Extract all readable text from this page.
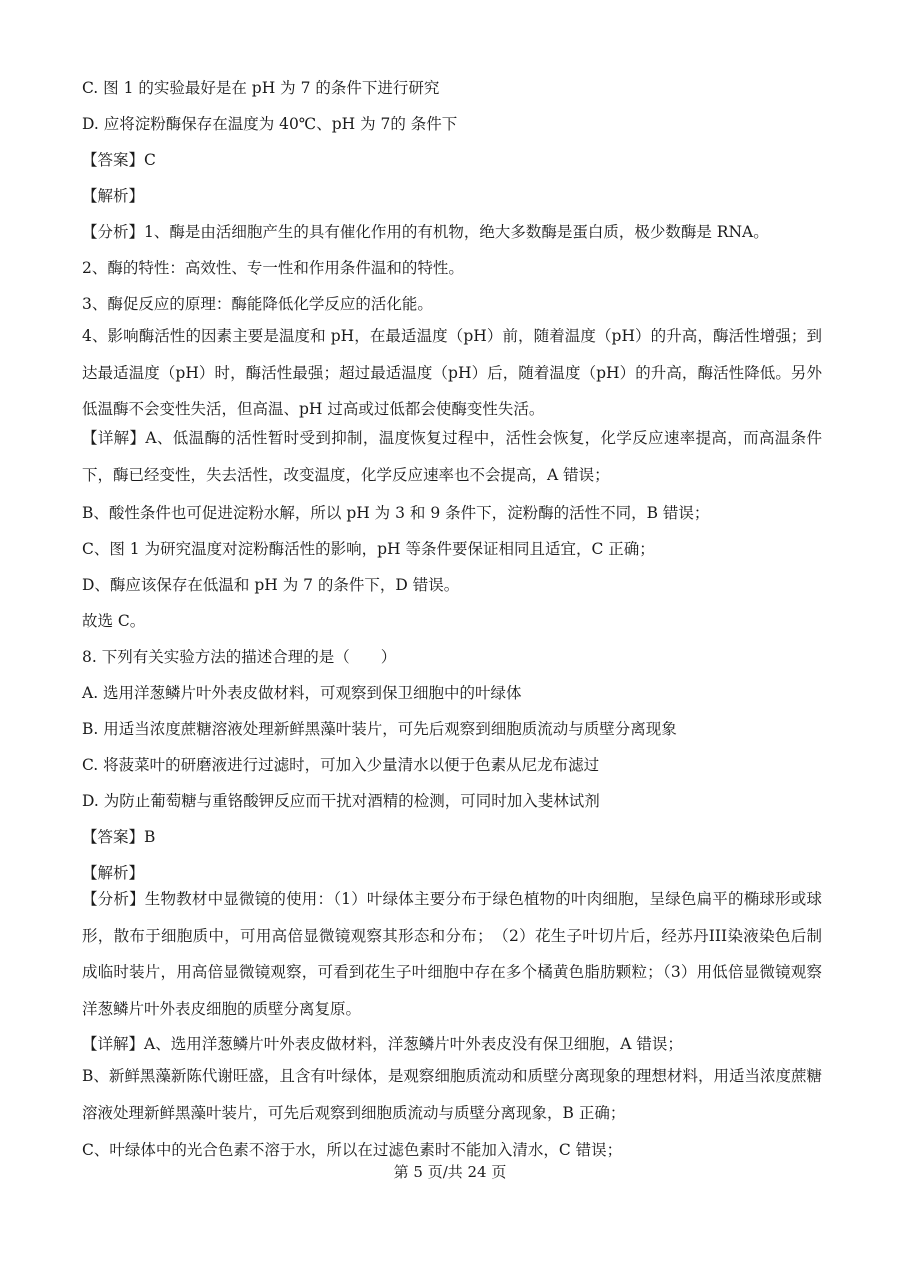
C. 图 1 的实验最好是在 pH 为 7 的条件下进行研究
D. 应将淀粉酶保存在温度为 40℃、pH 为 7的 条件下
【答案】C
【解析】
【分析】1、酶是由活细胞产生的具有催化作用的有机物，绝大多数酶是蛋白质，极少数酶是 RNA。
2、酶的特性：高效性、专一性和作用条件温和的特性。
3、酶促反应的原理：酶能降低化学反应的活化能。
4、影响酶活性的因素主要是温度和 pH，在最适温度（pH）前，随着温度（pH）的升高，酶活性增强；到达最适温度（pH）时，酶活性最强；超过最适温度（pH）后，随着温度（pH）的升高，酶活性降低。另外低温酶不会变性失活，但高温、pH 过高或过低都会使酶变性失活。
【详解】A、低温酶的活性暂时受到抑制，温度恢复过程中，活性会恢复，化学反应速率提高，而高温条件下，酶已经变性，失去活性，改变温度，化学反应速率也不会提高，A 错误；
B、酸性条件也可促进淀粉水解，所以 pH 为 3 和 9 条件下，淀粉酶的活性不同，B 错误；
C、图 1 为研究温度对淀粉酶活性的影响，pH 等条件要保证相同且适宜，C 正确；
D、酶应该保存在低温和 pH 为 7 的条件下，D 错误。
故选 C。
8. 下列有关实验方法的描述合理的是（　　）
A. 选用洋葱鳞片叶外表皮做材料，可观察到保卫细胞中的叶绿体
B. 用适当浓度蔗糖溶液处理新鲜黑藻叶装片，可先后观察到细胞质流动与质壁分离现象
C. 将菠菜叶的研磨液进行过滤时，可加入少量清水以便于色素从尼龙布滤过
D. 为防止葡萄糖与重铬酸钾反应而干扰对酒精的检测，可同时加入斐林试剂
【答案】B
【解析】
【分析】生物教材中显微镜的使用：（1）叶绿体主要分布于绿色植物的叶肉细胞，呈绿色扁平的椭球形或球形，散布于细胞质中，可用高倍显微镜观察其形态和分布；　（2）花生子叶切片后，经苏丹III染液染色后制成临时装片，用高倍显微镜观察，可看到花生子叶细胞中存在多个橘黄色脂肪颗粒；（3）用低倍显微镜观察洋葱鳞片叶外表皮细胞的质壁分离复原。
【详解】A、选用洋葱鳞片叶外表皮做材料，洋葱鳞片叶外表皮没有保卫细胞，A 错误；
B、新鲜黑藻新陈代谢旺盛，且含有叶绿体，是观察细胞质流动和质壁分离现象的理想材料，用适当浓度蔗糖溶液处理新鲜黑藻叶装片，可先后观察到细胞质流动与质壁分离现象，B 正确；
C、叶绿体中的光合色素不溶于水，所以在过滤色素时不能加入清水，C 错误；
第 5 页/共 24 页
